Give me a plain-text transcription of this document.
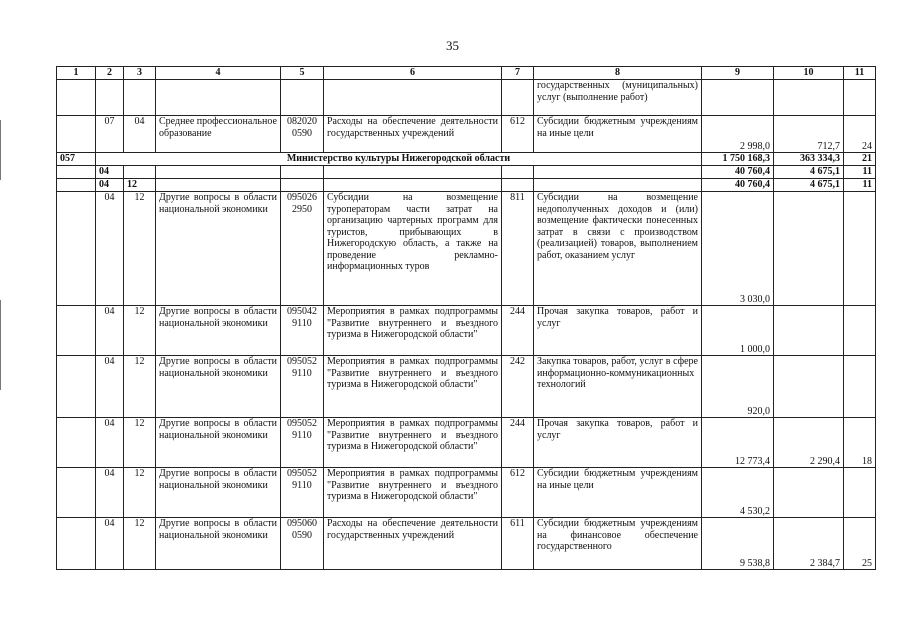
35
1	2	3	4	5	6	7	8	9	10	11
							государственных (муниципальных) услуг (выполнение работ)			
	07	04	Среднее профессиональное образование	082020 0590	Расходы на обеспечение деятельности государственных учреждений	612	Субсидии бюджетным учреждениям на иные цели	2 998,0	712,7	24
057	Министерство культуры Нижегородской области							1 750 168,3	363 334,3	21
	04							40 760,4	4 675,1	11
	04	12						40 760,4	4 675,1	11
	04	12	Другие вопросы в области национальной экономики	095026 2950	Субсидии на возмещение туроператорам части затрат на организацию чартерных программ для туристов, прибывающих в Нижегородскую область, а также на проведение рекламно-информационных туров	811	Субсидии на возмещение недополученных доходов и (или) возмещение фактически понесенных затрат в связи с производством (реализацией) товаров, выполнением работ, оказанием услуг	3 030,0		
	04	12	Другие вопросы в области национальной экономики	095042 9110	Мероприятия в рамках подпрограммы "Развитие внутреннего и въездного туризма в Нижегородской области"	244	Прочая закупка товаров, работ и услуг	1 000,0		
	04	12	Другие вопросы в области национальной экономики	095052 9110	Мероприятия в рамках подпрограммы "Развитие внутреннего и въездного туризма в Нижегородской области"	242	Закупка товаров, работ, услуг в сфере информационно-коммуникационных технологий	920,0		
	04	12	Другие вопросы в области национальной экономики	095052 9110	Мероприятия в рамках подпрограммы "Развитие внутреннего и въездного туризма в Нижегородской области"	244	Прочая закупка товаров, работ и услуг	12 773,4	2 290,4	18
	04	12	Другие вопросы в области национальной экономики	095052 9110	Мероприятия в рамках подпрограммы "Развитие внутреннего и въездного туризма в Нижегородской области"	612	Субсидии бюджетным учреждениям на иные цели	4 530,2		
	04	12	Другие вопросы в области национальной экономики	095060 0590	Расходы на обеспечение деятельности государственных учреждений	611	Субсидии бюджетным учреждениям на финансовое обеспечение государственного	9 538,8	2 384,7	25
